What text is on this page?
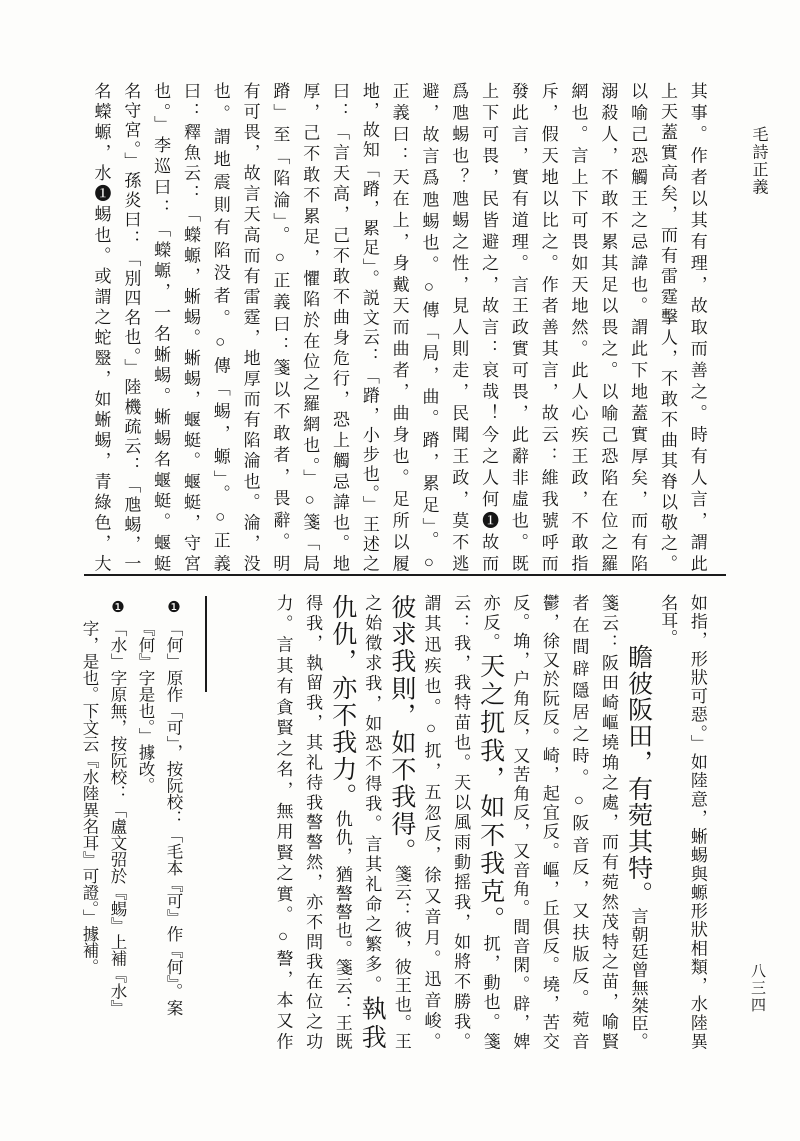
毛詩正義
其事。作者以其有理，故取而善之。時有人言，謂此
上天蓋實高矣，而有雷霆擊人，不敢不曲其脊以敬之。
以喻己恐觸王之忌諱也。謂此下地蓋實厚矣，而有陷
溺殺人，不敢不累其足以畏之。以喻己恐陷在位之羅
網也。言上下可畏如天地然。此人心疾王政，不敢指
斥，假天地以比之。作者善其言，故云：維我號呼而
發此言，實有道理。言王政實可畏，此辭非虛也。既
上下可畏，民皆避之，故言：哀哉！今之人何❶故而
爲虺蜴也？虺蜴之性，見人則走，民聞王政，莫不逃
避，故言爲虺蜴也。○傳「局，曲。蹐，累足」。○
正義曰：天在上，身戴天而曲者，曲身也。足所以履
地，故知「蹐，累足」。説文云：「蹐，小步也。」王述之
曰：「言天高，己不敢不曲身危行，恐上觸忌諱也。地
厚，己不敢不累足，懼陷於在位之羅網也。」○箋「局
蹐」至「陷淪」。○正義曰：箋以不敢者，畏辭。明
有可畏，故言天高而有雷霆，地厚而有陷淪也。淪，没
也。謂地震則有陷没者。○傳「蜴，螈」。○正義
曰：釋魚云：「蠑螈，蜥蜴。蜥蜴，蝘蜓。蝘蜓，守宮
也。」李巡曰：「蠑螈，一名蜥蜴。蜥蜴名蝘蜓。蝘蜓
名守宮。」孫炎曰：「別四名也。」陸機疏云：「虺蜴，一
名蠑螈，水❶蜴也。或謂之蛇毉，如蜥蜴，青綠色，大
如指，形狀可惡。」如陸意，蜥蜴與螈形狀相類，水陸異
名耳。
瞻彼阪田，有菀其特。言朝廷曾無桀臣。
箋云：阪田崎嶇墝埆之處，而有菀然茂特之苗，喻賢
者在間辟隱居之時。○阪音反，又扶版反。菀音
鬱，徐又於阮反。崎，起宜反。嶇，丘俱反。墝，苦交
反。埆，户角反，又苦角反，又音角。間音閑。辟，婢
亦反。天之扤我，如不我克。扤，動也。箋
云：我，我特苗也。天以風雨動摇我，如將不勝我。
謂其迅疾也。○扤，五忽反，徐又音月。迅音峻。
彼求我則，如不我得。箋云：彼，彼王也。王
之始徵求我，如恐不得我。言其礼命之繁多。執我
仇仇，亦不我力。仇仇，猶謷謷也。箋云：王既
得我，執留我，其礼待我謷謷然，亦不問我在位之功
力。言其有貪賢之名，無用賢之實。○謷，本又作
❶
「何」原作「可」，按阮校：「毛本『可』作『何』。案
『何』字是也。」據改。
❶
「水」字原無，按阮校：「盧文弨於『蜴』上補『水』
字，是也。下文云『水陸異名耳』可證。」據補。
八三四
